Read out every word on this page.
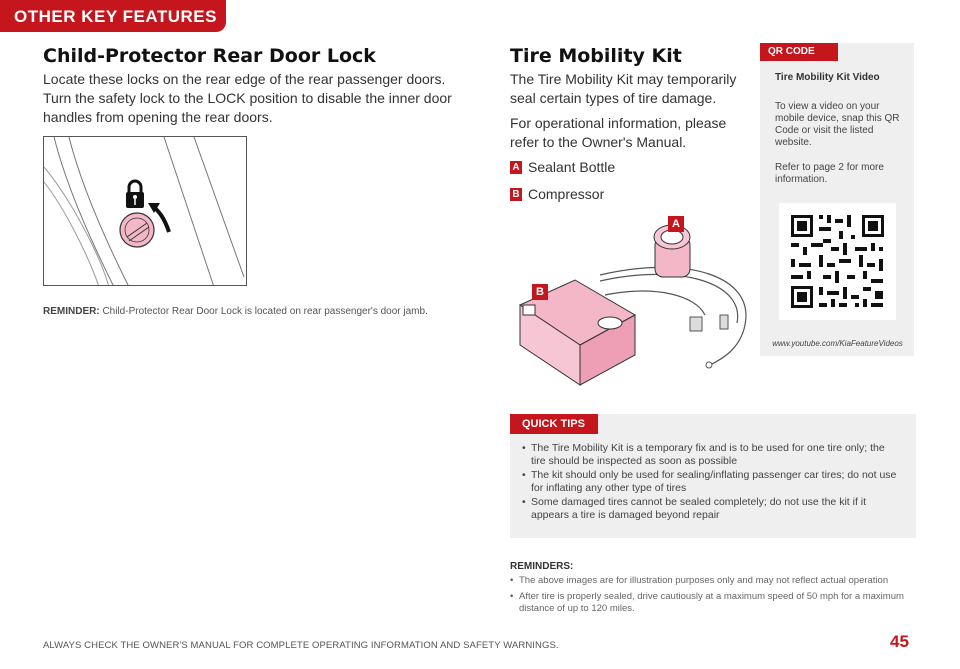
OTHER KEY FEATURES
Child-Protector Rear Door Lock
Locate these locks on the rear edge of the rear passenger doors. Turn the safety lock to the LOCK position to disable the inner door handles from opening the rear doors.
REMINDER: Child-Protector Rear Door Lock is located on rear passenger's door jamb.
Tire Mobility Kit
The Tire Mobility Kit may temporarily seal certain types of tire damage.
For operational information, please refer to the Owner's Manual.
A Sealant Bottle
B Compressor
A
B
QR CODE
Tire Mobility Kit Video
To view a video on your mobile device, snap this QR Code or visit the listed website.
Refer to page 2 for more information.
www.youtube.com/KiaFeatureVideos
QUICK TIPS
• The Tire Mobility Kit is a temporary fix and is to be used for one tire only; the tire should be inspected as soon as possible
• The kit should only be used for sealing/inflating passenger car tires; do not use for inflating any other type of tires
• Some damaged tires cannot be sealed completely; do not use the kit if it appears a tire is damaged beyond repair
REMINDERS:
• The above images are for illustration purposes only and may not reflect actual operation
• After tire is properly sealed, drive cautiously at a maximum speed of 50 mph for a maximum distance of up to 120 miles.
ALWAYS CHECK THE OWNER'S MANUAL FOR COMPLETE OPERATING INFORMATION AND SAFETY WARNINGS.	45
